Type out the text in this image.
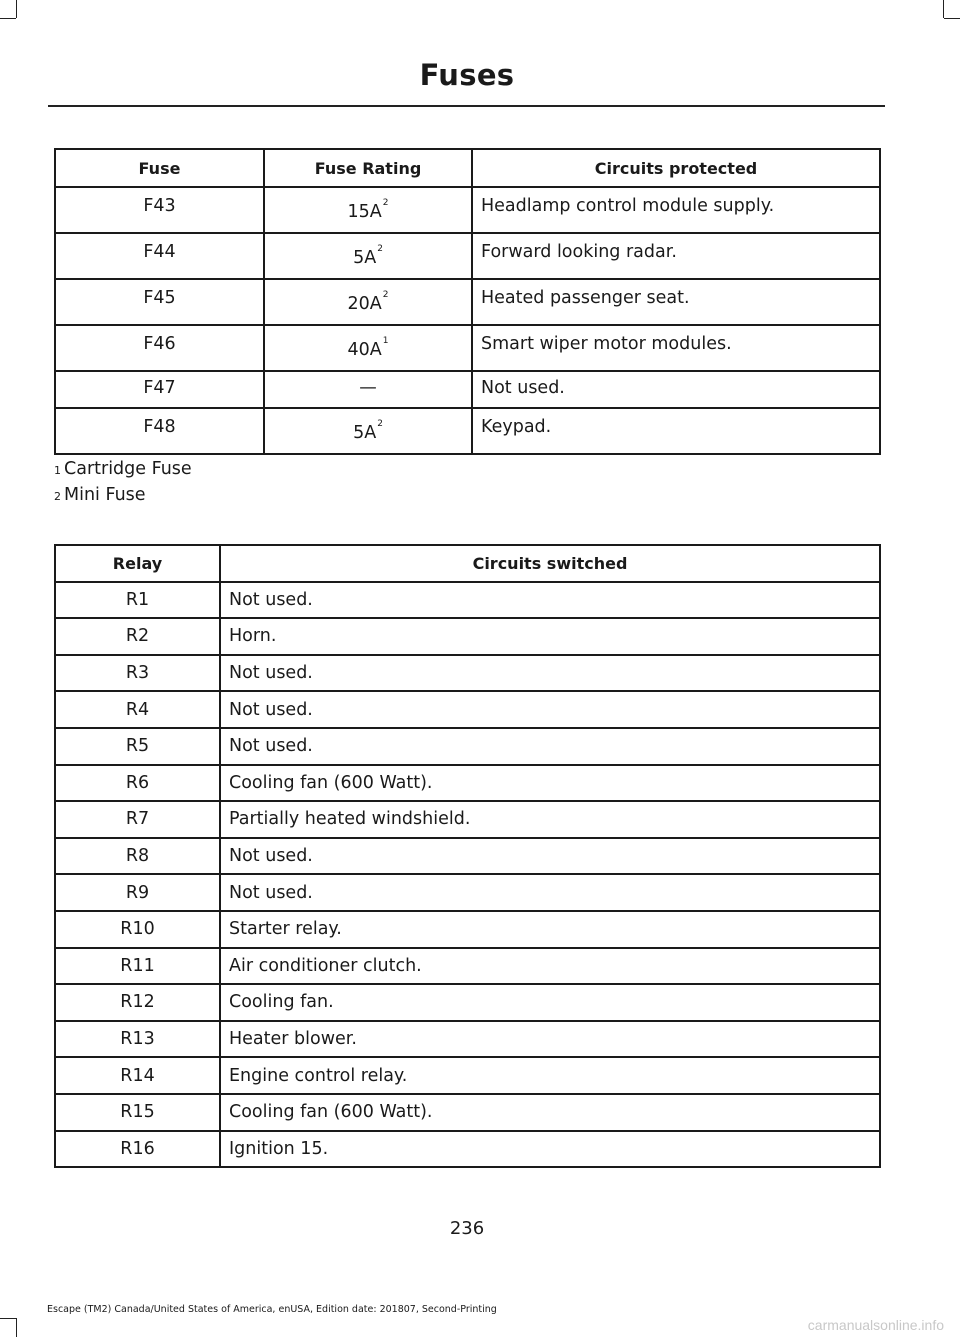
Fuses
Fuse	Fuse Rating	Circuits protected
F43	$15A^2$	Headlamp control module supply.
F44	$5A^2$	Forward looking radar.
F45	$20A^2$	Heated passenger seat.
F46	$40A^1$	Smart wiper motor modules.
F47	—	Not used.
F48	$5A^2$	Keypad.
$^1$ Cartridge Fuse
$^2$ Mini Fuse
Relay	Circuits switched
R1	Not used.
R2	Horn.
R3	Not used.
R4	Not used.
R5	Not used.
R6	Cooling fan (600 Watt).
R7	Partially heated windshield.
R8	Not used.
R9	Not used.
R10	Starter relay.
R11	Air conditioner clutch.
R12	Cooling fan.
R13	Heater blower.
R14	Engine control relay.
R15	Cooling fan (600 Watt).
R16	Ignition 15.
236
Escape (TM2) Canada/United States of America, enUSA, Edition date: 201807, Second-Printing
carmanualsonline.info
